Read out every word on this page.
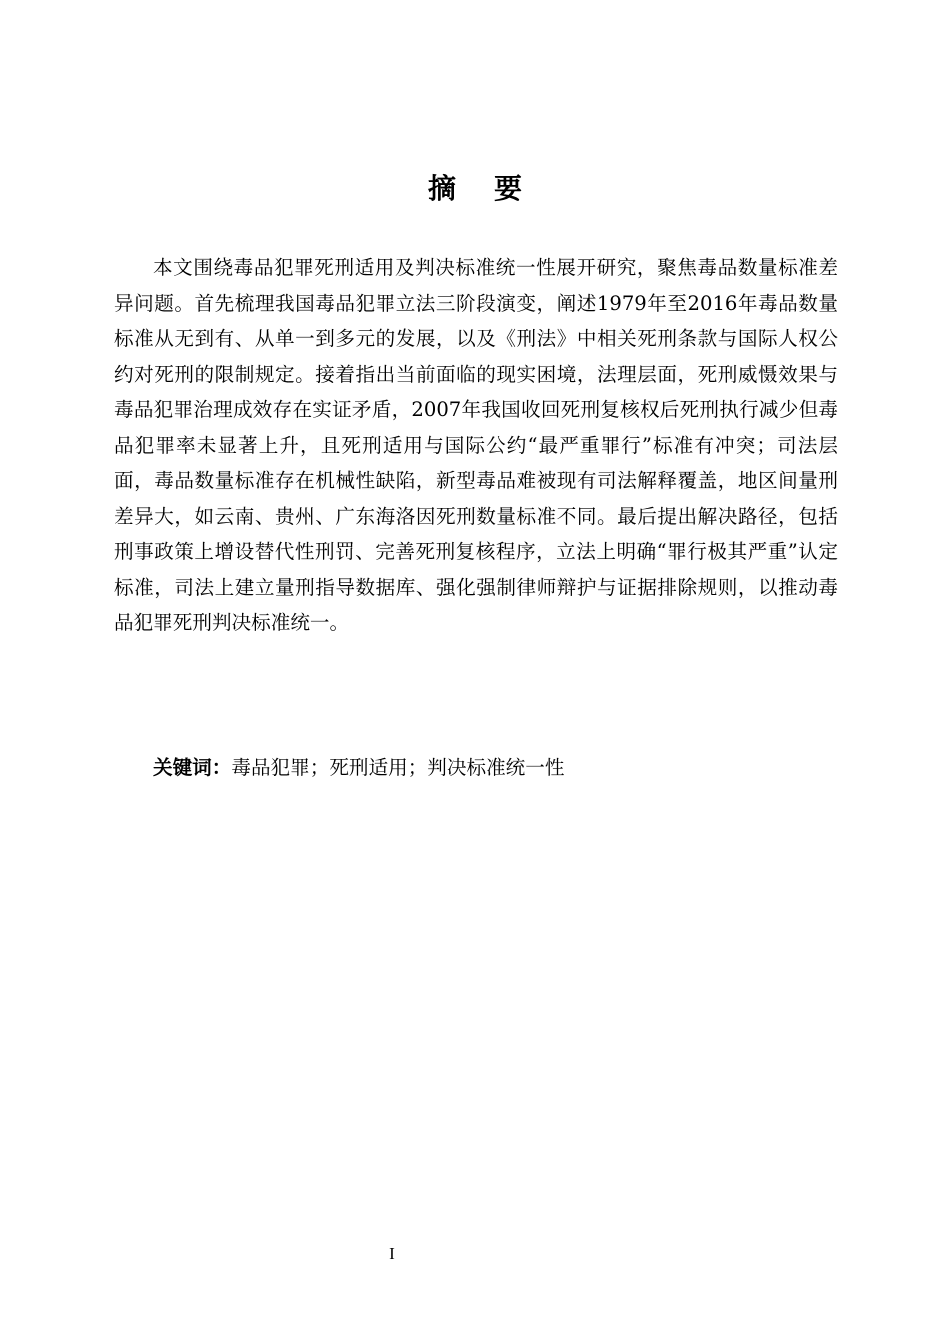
摘要

本文围绕毒品犯罪死刑适用及判决标准统一性展开研究，聚焦毒品数量标准差异问题。首先梳理我国毒品犯罪立法三阶段演变，阐述1979年至2016年毒品数量标准从无到有、从单一到多元的发展，以及《刑法》中相关死刑条款与国际人权公约对死刑的限制规定。接着指出当前面临的现实困境，法理层面，死刑威慑效果与毒品犯罪治理成效存在实证矛盾，2007年我国收回死刑复核权后死刑执行减少但毒品犯罪率未显著上升，且死刑适用与国际公约“最严重罪行”标准有冲突；司法层面，毒品数量标准存在机械性缺陷，新型毒品难被现有司法解释覆盖，地区间量刑差异大，如云南、贵州、广东海洛因死刑数量标准不同。最后提出解决路径，包括刑事政策上增设替代性刑罚、完善死刑复核程序，立法上明确“罪行极其严重”认定标准，司法上建立量刑指导数据库、强化强制律师辩护与证据排除规则，以推动毒品犯罪死刑判决标准统一。

关键词：毒品犯罪；死刑适用；判决标准统一性

I
